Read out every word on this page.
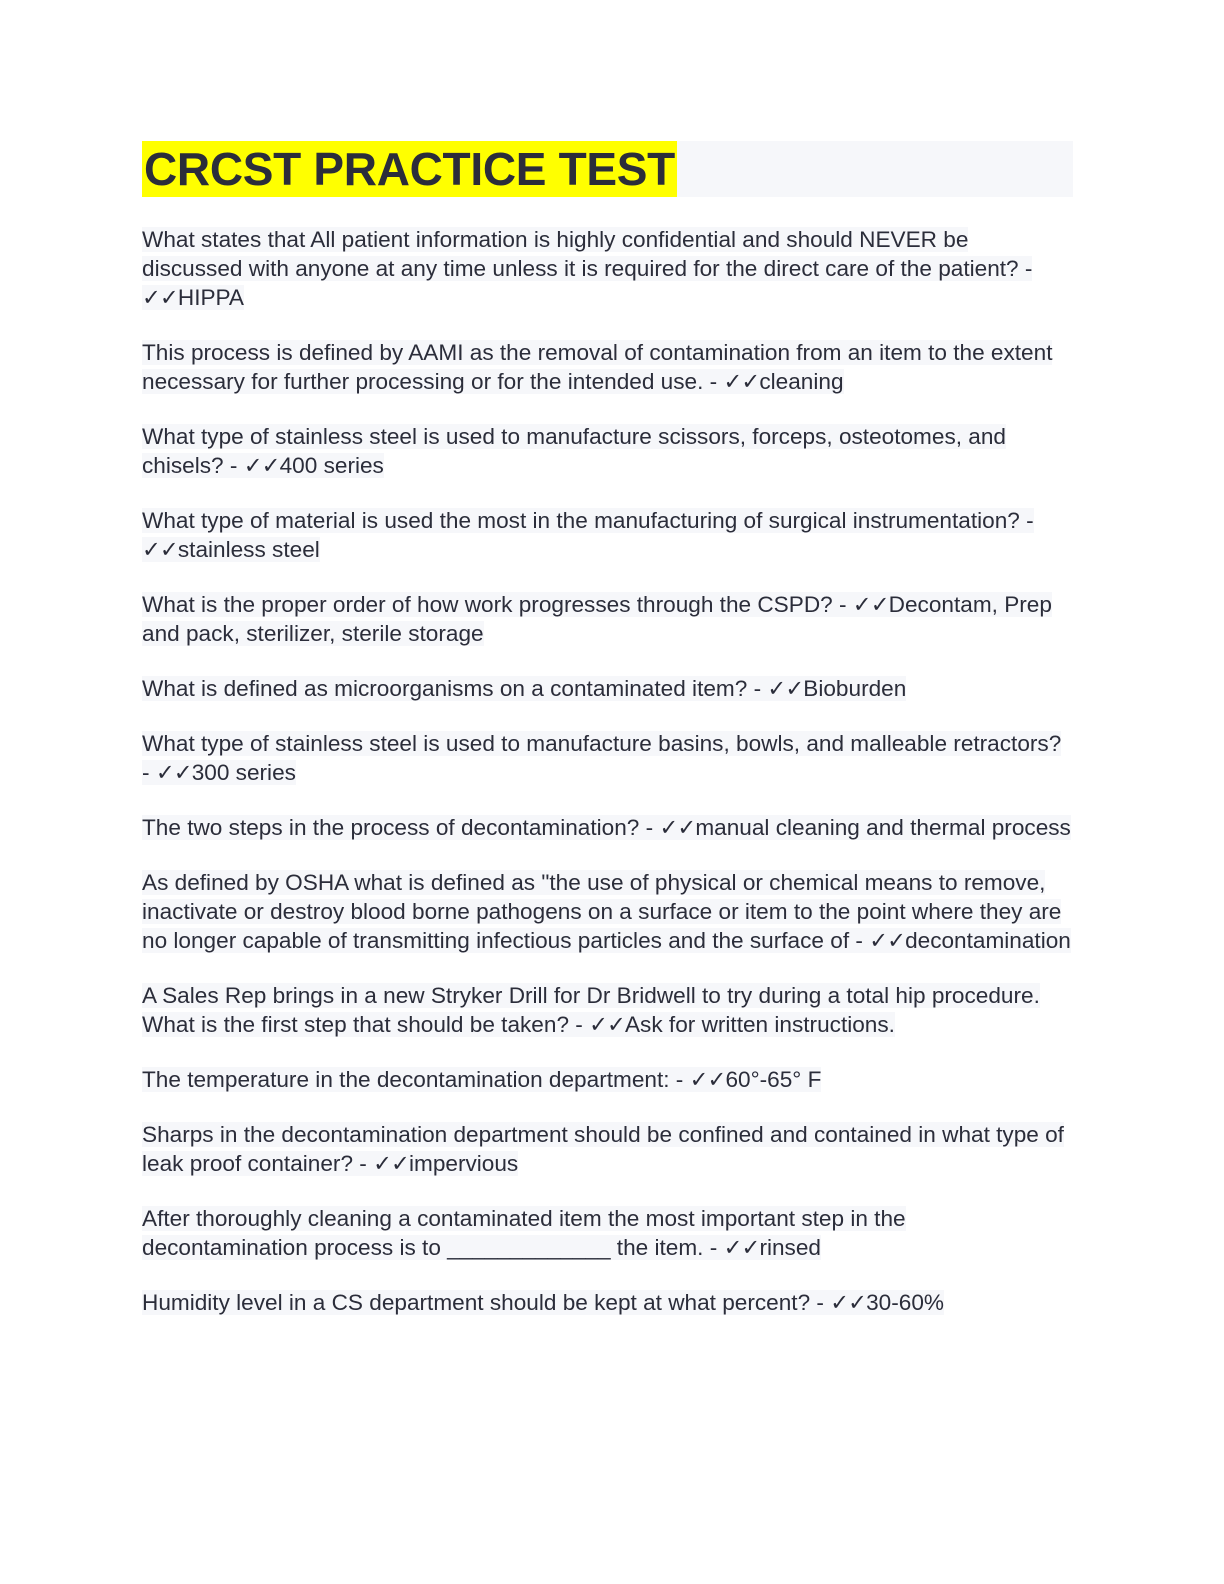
CRCST PRACTICE TEST

What states that All patient information is highly confidential and should NEVER be discussed with anyone at any time unless it is required for the direct care of the patient? - ✓✓HIPPA

This process is defined by AAMI as the removal of contamination from an item to the extent necessary for further processing or for the intended use. - ✓✓cleaning

What type of stainless steel is used to manufacture scissors, forceps, osteotomes, and chisels? - ✓✓400 series

What type of material is used the most in the manufacturing of surgical instrumentation? - ✓✓stainless steel

What is the proper order of how work progresses through the CSPD? - ✓✓Decontam, Prep and pack, sterilizer, sterile storage

What is defined as microorganisms on a contaminated item? - ✓✓Bioburden

What type of stainless steel is used to manufacture basins, bowls, and malleable retractors? - ✓✓300 series

The two steps in the process of decontamination? - ✓✓manual cleaning and thermal process

As defined by OSHA what is defined as "the use of physical or chemical means to remove, inactivate or destroy blood borne pathogens on a surface or item to the point where they are no longer capable of transmitting infectious particles and the surface of - ✓✓decontamination

A Sales Rep brings in a new Stryker Drill for Dr Bridwell to try during a total hip procedure. What is the first step that should be taken? - ✓✓Ask for written instructions.

The temperature in the decontamination department: - ✓✓60°-65° F

Sharps in the decontamination department should be confined and contained in what type of leak proof container? - ✓✓impervious

After thoroughly cleaning a contaminated item the most important step in the decontamination process is to _____________ the item. - ✓✓rinsed

Humidity level in a CS department should be kept at what percent? - ✓✓30-60%
